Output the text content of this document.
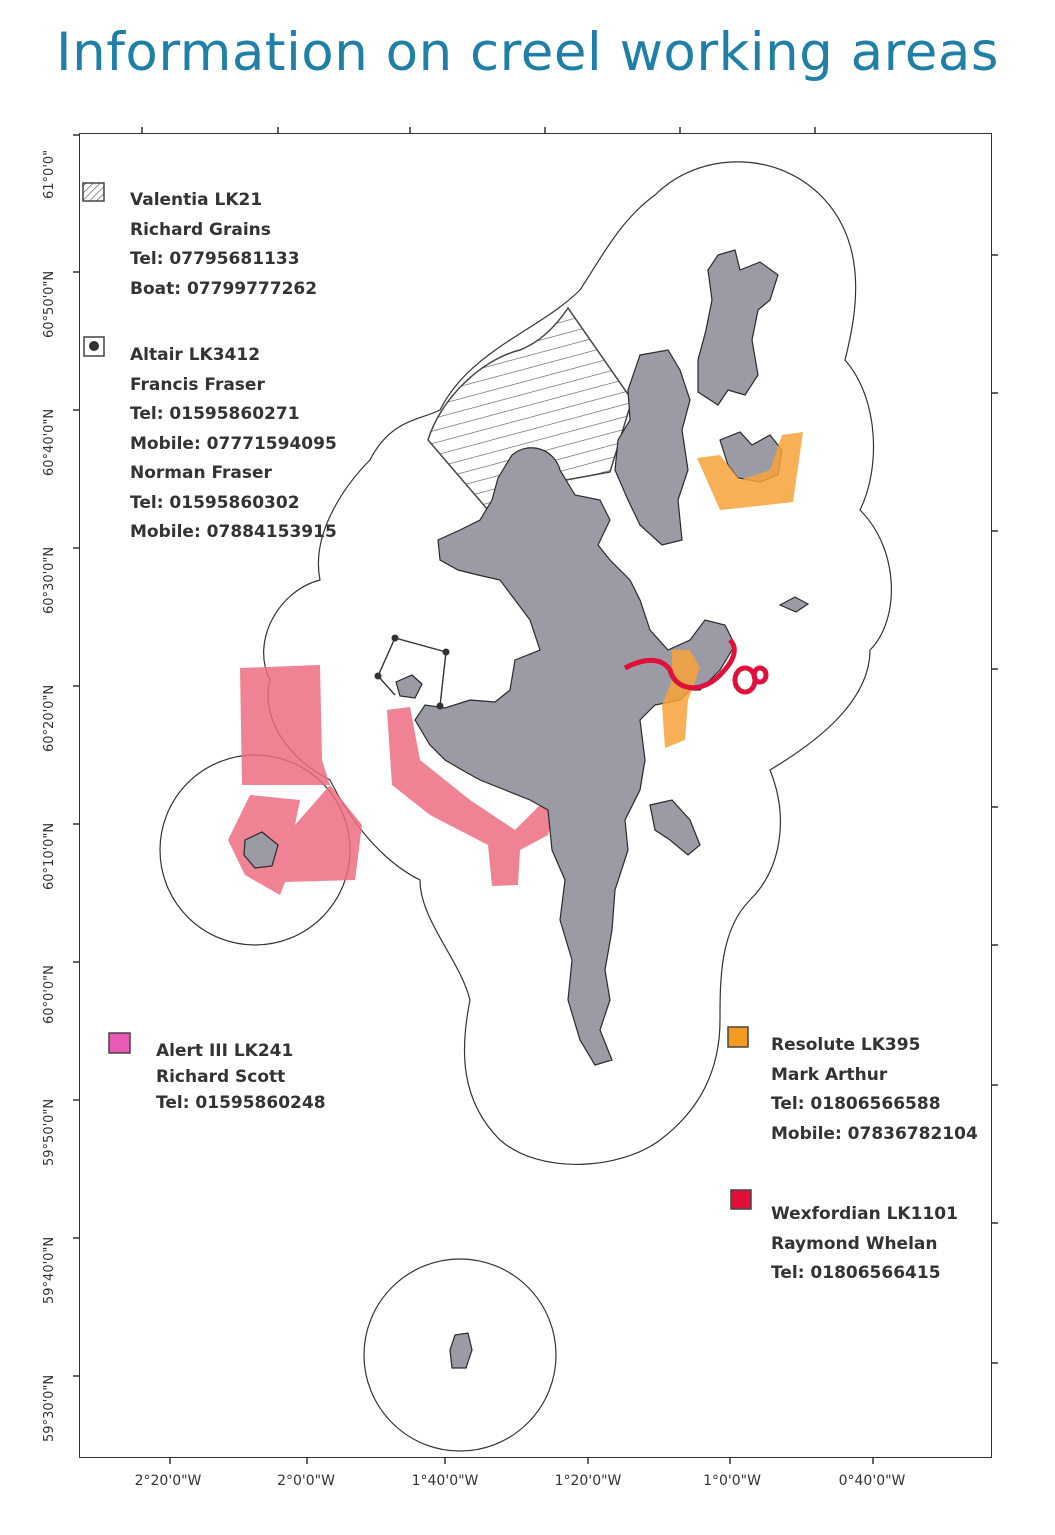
Information on creel working areas
61°0'0"
60°50'0"N
60°40'0"N
60°30'0"N
60°20'0"N
60°10'0"N
60°0'0"N
59°50'0"N
59°40'0"N
59°30'0"N
2°20'0"W	2°0'0"W	1°40'0"W	1°20'0"W	1°0'0"W	0°40'0"W
Valentia LK21
Richard Grains
Tel: 07795681133
Boat: 07799777262
Altair LK3412
Francis Fraser
Tel: 01595860271
Mobile: 07771594095
Norman Fraser
Tel: 01595860302
Mobile: 07884153915
Alert III LK241
Richard Scott
Tel: 01595860248
Resolute LK395
Mark Arthur
Tel: 01806566588
Mobile: 07836782104
Wexfordian LK1101
Raymond Whelan
Tel: 01806566415
